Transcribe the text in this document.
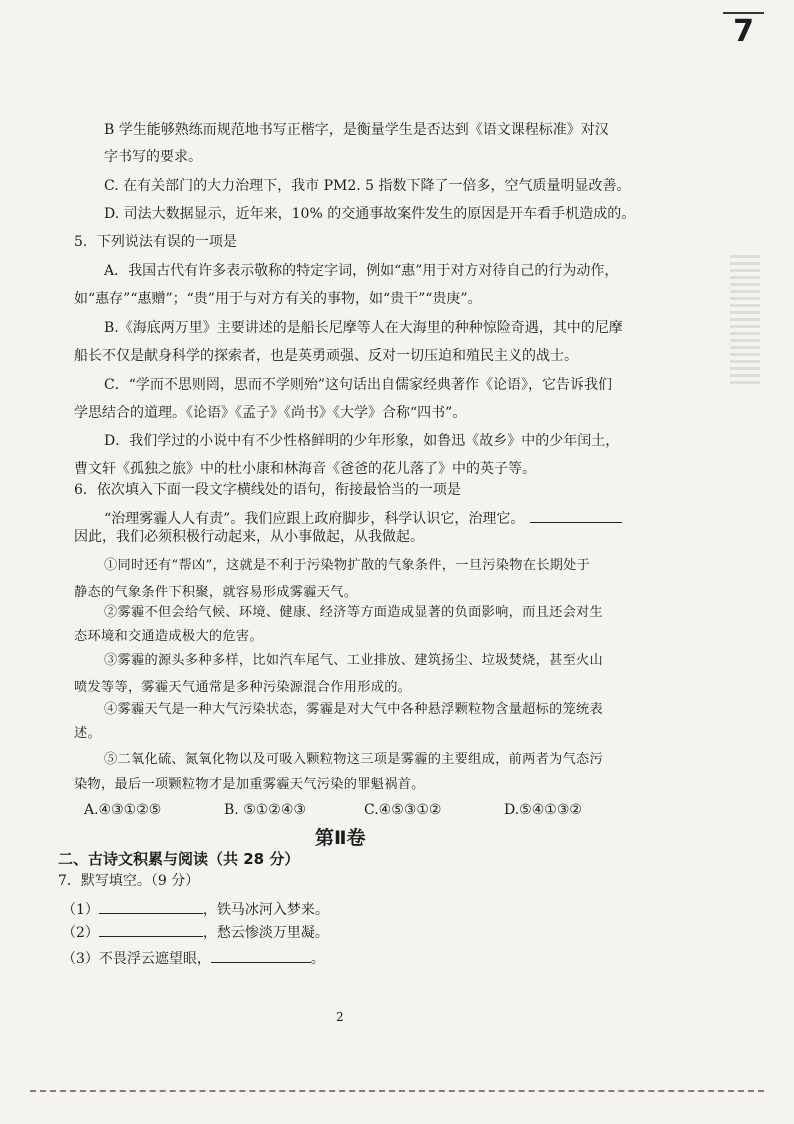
7
B 学生能够熟练而规范地书写正楷字，是衡量学生是否达到《语文课程标准》对汉
字书写的要求。
C. 在有关部门的大力治理下，我市 PM2. 5 指数下降了一倍多，空气质量明显改善。
D. 司法大数据显示，近年来，10% 的交通事故案件发生的原因是开车看手机造成的。
5．下列说法有误的一项是
A．我国古代有许多表示敬称的特定字词，例如“惠”用于对方对待自己的行为动作，
如“惠存”“惠赠”；“贵”用于与对方有关的事物，如“贵干”“贵庚”。
B.《海底两万里》主要讲述的是船长尼摩等人在大海里的种种惊险奇遇，其中的尼摩
船长不仅是献身科学的探索者，也是英勇顽强、反对一切压迫和殖民主义的战士。
C．“学而不思则罔，思而不学则殆”这句话出自儒家经典著作《论语》，它告诉我们
学思结合的道理。《论语》《孟子》《尚书》《大学》合称“四书”。
D．我们学过的小说中有不少性格鲜明的少年形象，如鲁迅《故乡》中的少年闰土，
曹文轩《孤独之旅》中的杜小康和林海音《爸爸的花儿落了》中的英子等。
6．依次填入下面一段文字横线处的语句，衔接最恰当的一项是
“治理雾霾人人有责”。我们应跟上政府脚步，科学认识它，治理它。
因此，我们必须积极行动起来，从小事做起，从我做起。
①同时还有“帮凶”，这就是不利于污染物扩散的气象条件，一旦污染物在长期处于
静态的气象条件下积聚，就容易形成雾霾天气。
②雾霾不但会给气候、环境、健康、经济等方面造成显著的负面影响，而且还会对生
态环境和交通造成极大的危害。
③雾霾的源头多种多样，比如汽车尾气、工业排放、建筑扬尘、垃圾焚烧，甚至火山
喷发等等，雾霾天气通常是多种污染源混合作用形成的。
④雾霾天气是一种大气污染状态，雾霾是对大气中各种悬浮颗粒物含量超标的笼统表
述。
⑤二氧化硫、氮氧化物以及可吸入颗粒物这三项是雾霾的主要组成，前两者为气态污
染物，最后一项颗粒物才是加重雾霾天气污染的罪魁祸首。
A.④③①②⑤	B. ⑤①②④③	C.④⑤③①②	D.⑤④①③②
第Ⅱ卷
二、古诗文积累与阅读（共 28 分）
7．默写填空。（9 分）
（1）	，铁马冰河入梦来。
（2）	，愁云惨淡万里凝。
（3）不畏浮云遮望眼，	。
2
